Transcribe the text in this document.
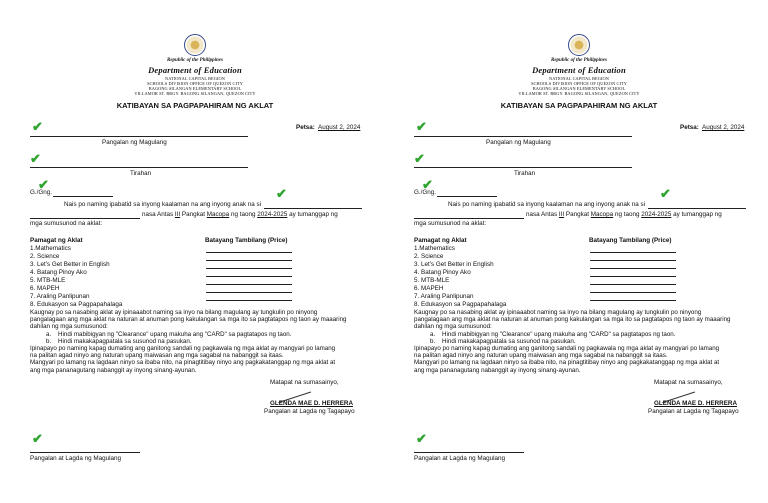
Republic of the Philippines
Department of Education
NATIONAL CAPITAL REGION
SCHOOLS DIVISION OFFICE OF QUEZON CITY
BAGONG SILANGAN ELEMENTARY SCHOOL
VILLAMOR ST. BRGY. BAGONG SILANGAN, QUEZON CITY
KATIBAYAN SA PAGPAPAHIRAM NG AKLAT
✔	Petsa: August 2, 2024
Pangalan ng Magulang
✔
Tirahan
✔
G./Gng.
Nais po naming ipabatid sa inyong kaalaman na ang inyong anak na si
✔
nasa Antas III Pangkat Macopa ng taong 2024-2025 ay tumanggap ng
mga sumusunod na aklat:
Pamagat ng Aklat	Batayang Tambilang (Price)
1.Mathematics
2. Science
3. Let's Get Better in English
4. Batang Pinoy Ako
5. MTB-MLE
6. MAPEH
7. Araling Panlipunan
8. Edukasyon sa Pagpapahalaga
Kaugnay po sa nasabing aklat ay ipinaaabot naming sa inyo na bilang magulang ay tungkulin po ninyong
pangalagaan ang mga aklat na naturan at anuman pong kakulangan sa mga ito sa pagtatapos ng taon ay maaaring
dahilan ng mga sumusunod:
a.    Hindi mabibigyan ng "Clearance" upang makuha ang "CARD" sa pagtatapos ng taon.
b.    Hindi makakapagpatala sa susunod na pasukan.
Ipinapayo po naming kapag dumating ang ganitong sandali ng pagkawala ng mga aklat ay mangyari po lamang
na palitan agad ninyo ang naturan upang maiwasan ang mga sagabal na nabanggit sa itaas.
Mangyari po lamang na lagdaan ninyo sa ibaba nito, na pinagtitibay ninyo ang pagkakatanggap ng mga aklat at
ang mga pananagutang nabanggit ay inyong sinang-ayunan.
Matapat na sumasainyo,
GLENDA MAE D. HERRERA
Pangalan at Lagda ng Tagapayo
✔
Pangalan at Lagda ng Magulang
Republic of the Philippines
Department of Education
NATIONAL CAPITAL REGION
SCHOOLS DIVISION OFFICE OF QUEZON CITY
BAGONG SILANGAN ELEMENTARY SCHOOL
VILLAMOR ST. BRGY. BAGONG SILANGAN, QUEZON CITY
KATIBAYAN SA PAGPAPAHIRAM NG AKLAT
✔	Petsa: August 2, 2024
Pangalan ng Magulang
✔
Tirahan
✔
G./Gng.
Nais po naming ipabatid sa inyong kaalaman na ang inyong anak na si
✔
nasa Antas III Pangkat Macopa ng taong 2024-2025 ay tumanggap ng
mga sumusunod na aklat:
Pamagat ng Aklat	Batayang Tambilang (Price)
1.Mathematics
2. Science
3. Let's Get Better in English
4. Batang Pinoy Ako
5. MTB-MLE
6. MAPEH
7. Araling Panlipunan
8. Edukasyon sa Pagpapahalaga
Kaugnay po sa nasabing aklat ay ipinaaabot naming sa inyo na bilang magulang ay tungkulin po ninyong
pangalagaan ang mga aklat na naturan at anuman pong kakulangan sa mga ito sa pagtatapos ng taon ay maaaring
dahilan ng mga sumusunod:
a.    Hindi mabibigyan ng "Clearance" upang makuha ang "CARD" sa pagtatapos ng taon.
b.    Hindi makakapagpatala sa susunod na pasukan.
Ipinapayo po naming kapag dumating ang ganitong sandali ng pagkawala ng mga aklat ay mangyari po lamang
na palitan agad ninyo ang naturan upang maiwasan ang mga sagabal na nabanggit sa itaas.
Mangyari po lamang na lagdaan ninyo sa ibaba nito, na pinagtitibay ninyo ang pagkakatanggap ng mga aklat at
ang mga pananagutang nabanggit ay inyong sinang-ayunan.
Matapat na sumasainyo,
GLENDA MAE D. HERRERA
Pangalan at Lagda ng Tagapayo
✔
Pangalan at Lagda ng Magulang
